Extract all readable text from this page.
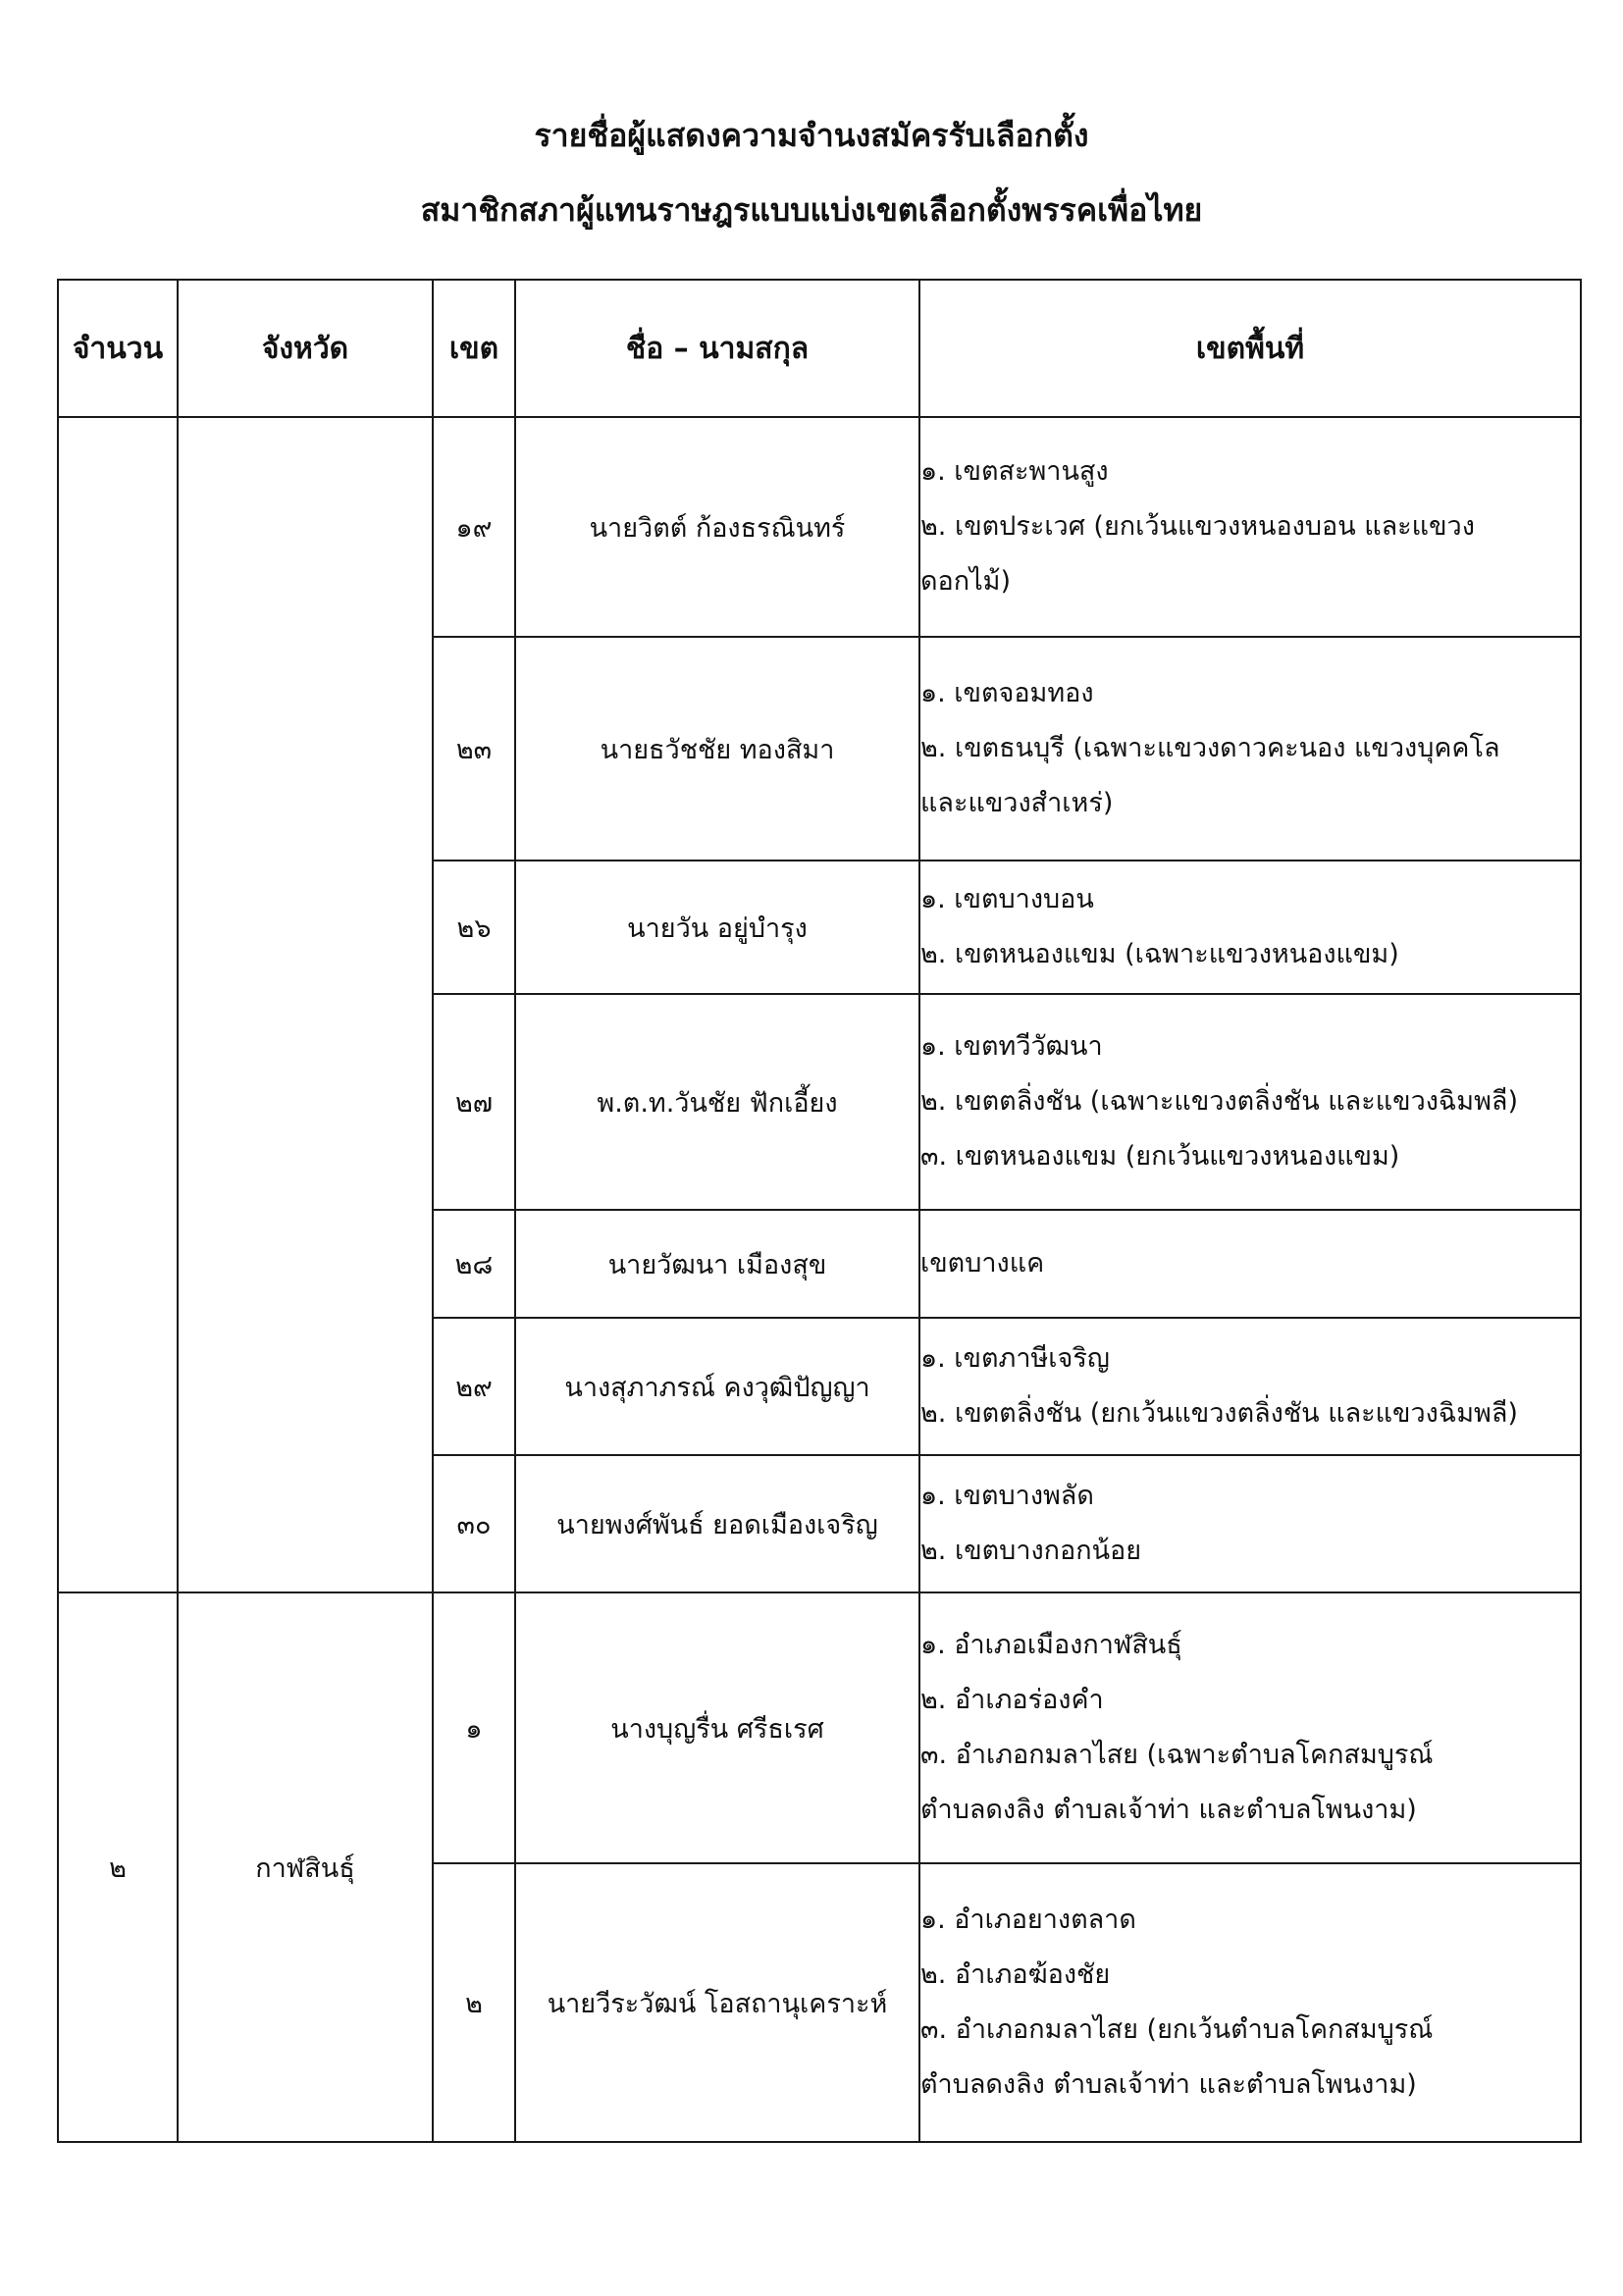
รายชื่อผู้แสดงความจำนงสมัครรับเลือกตั้ง
สมาชิกสภาผู้แทนราษฎรแบบแบ่งเขตเลือกตั้งพรรคเพื่อไทย
จำนวน	จังหวัด	เขต	ชื่อ – นามสกุล	เขตพื้นที่
		๑๙	นายวิตต์ ก้องธรณินทร์	๑. เขตสะพานสูง
๒. เขตประเวศ (ยกเว้นแขวงหนองบอน และแขวง
ดอกไม้)

		๒๓	นายธวัชชัย ทองสิมา	๑. เขตจอมทอง
๒. เขตธนบุรี (เฉพาะแขวงดาวคะนอง แขวงบุคคโล
และแขวงสำเหร่)

		๒๖	นายวัน อยู่บำรุง	๑. เขตบางบอน
๒. เขตหนองแขม (เฉพาะแขวงหนองแขม)

		๒๗	พ.ต.ท.วันชัย ฟักเอี้ยง	๑. เขตทวีวัฒนา
๒. เขตตลิ่งชัน (เฉพาะแขวงตลิ่งชัน และแขวงฉิมพลี)
๓. เขตหนองแขม (ยกเว้นแขวงหนองแขม)

		๒๘	นายวัฒนา เมืองสุข	เขตบางแค

		๒๙	นางสุภาภรณ์ คงวุฒิปัญญา	๑. เขตภาษีเจริญ
๒. เขตตลิ่งชัน (ยกเว้นแขวงตลิ่งชัน และแขวงฉิมพลี)

		๓๐	นายพงศ์พันธ์ ยอดเมืองเจริญ	๑. เขตบางพลัด
๒. เขตบางกอกน้อย

๒	กาฬสินธุ์	๑	นางบุญรื่น ศรีธเรศ	๑. อำเภอเมืองกาฬสินธุ์
๒. อำเภอร่องคำ
๓. อำเภอกมลาไสย (เฉพาะตำบลโคกสมบูรณ์
ตำบลดงลิง ตำบลเจ้าท่า และตำบลโพนงาม)

		๒	นายวีระวัฒน์ โอสถานุเคราะห์	๑. อำเภอยางตลาด
๒. อำเภอฆ้องชัย
๓. อำเภอกมลาไสย (ยกเว้นตำบลโคกสมบูรณ์
ตำบลดงลิง ตำบลเจ้าท่า และตำบลโพนงาม)
